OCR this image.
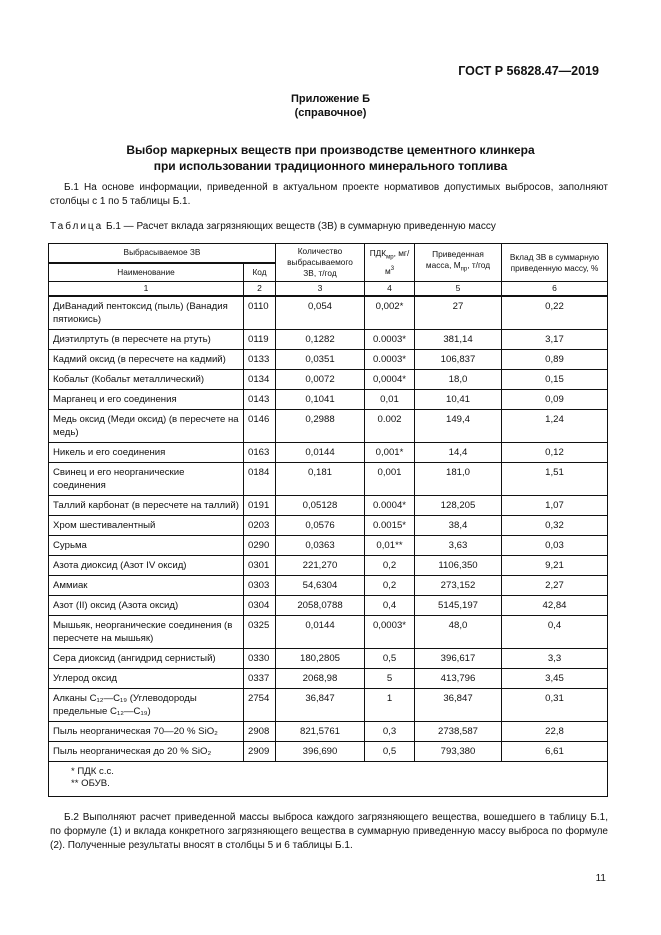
ГОСТ Р 56828.47—2019
Приложение Б
(справочное)
Выбор маркерных веществ при производстве цементного клинкера
при использовании традиционного минерального топлива
Б.1 На основе информации, приведенной в актуальном проекте нормативов допустимых выбросов, заполняют столбцы с 1 по 5 таблицы Б.1.
Таблица Б.1 — Расчет вклада загрязняющих веществ (ЗВ) в суммарную приведенную массу
Выбрасываемое ЗВ		Количество выбрасываемого ЗВ, т/год	$ПДК_{мр}$, $мг/м^3$	Приведенная масса, $М_{пр}$, т/год	Вклад ЗВ в суммарную приведенную массу, %
Наименование	Код				
1	2	3	4	5	6
ДиВанадий пентоксид (пыль) (Ванадия пятиокись)	0110	0,054	0,002*	27	0,22
Диэтилртуть (в пересчете на ртуть)	0119	0,1282	0.0003*	381,14	3,17
Кадмий оксид (в пересчете на кадмий)	0133	0,0351	0.0003*	106,837	0,89
Кобальт (Кобальт металлический)	0134	0,0072	0,0004*	18,0	0,15
Марганец и его соединения	0143	0,1041	0,01	10,41	0,09
Медь оксид (Меди оксид) (в пересчете на медь)	0146	0,2988	0.002	149,4	1,24
Никель и его соединения	0163	0,0144	0,001*	14,4	0,12
Свинец и его неорганические соединения	0184	0,181	0,001	181,0	1,51
Таллий карбонат (в пересчете на таллий)	0191	0,05128	0.0004*	128,205	1,07
Хром шестивалентный	0203	0,0576	0.0015*	38,4	0,32
Сурьма	0290	0,0363	0,01**	3,63	0,03
Азота диоксид (Азот IV оксид)	0301	221,270	0,2	1106,350	9,21
Аммиак	0303	54,6304	0,2	273,152	2,27
Азот (II) оксид (Азота оксид)	0304	2058,0788	0,4	5145,197	42,84
Мышьяк, неорганические соединения (в пересчете на мышьяк)	0325	0,0144	0,0003*	48,0	0,4
Сера диоксид (ангидрид сернистый)	0330	180,2805	0,5	396,617	3,3
Углерод оксид	0337	2068,98	5	413,796	3,45
Алканы C₁₂—C₁₉ (Углеводороды предельные C₁₂—C₁₉)	2754	36,847	1	36,847	0,31
Пыль неорганическая 70—20 % SiO₂	2908	821,5761	0,3	2738,587	22,8
Пыль неорганическая до 20 % SiO₂	2909	396,690	0,5	793,380	6,61

* ПДК с.с.
** ОБУВ.					
Б.2 Выполняют расчет приведенной массы выброса каждого загрязняющего вещества, вошедшего в таблицу Б.1, по формуле (1) и вклада конкретного загрязняющего вещества в суммарную приведенную массу выброса по формуле (2). Полученные результаты вносят в столбцы 5 и 6 таблицы Б.1.
11
